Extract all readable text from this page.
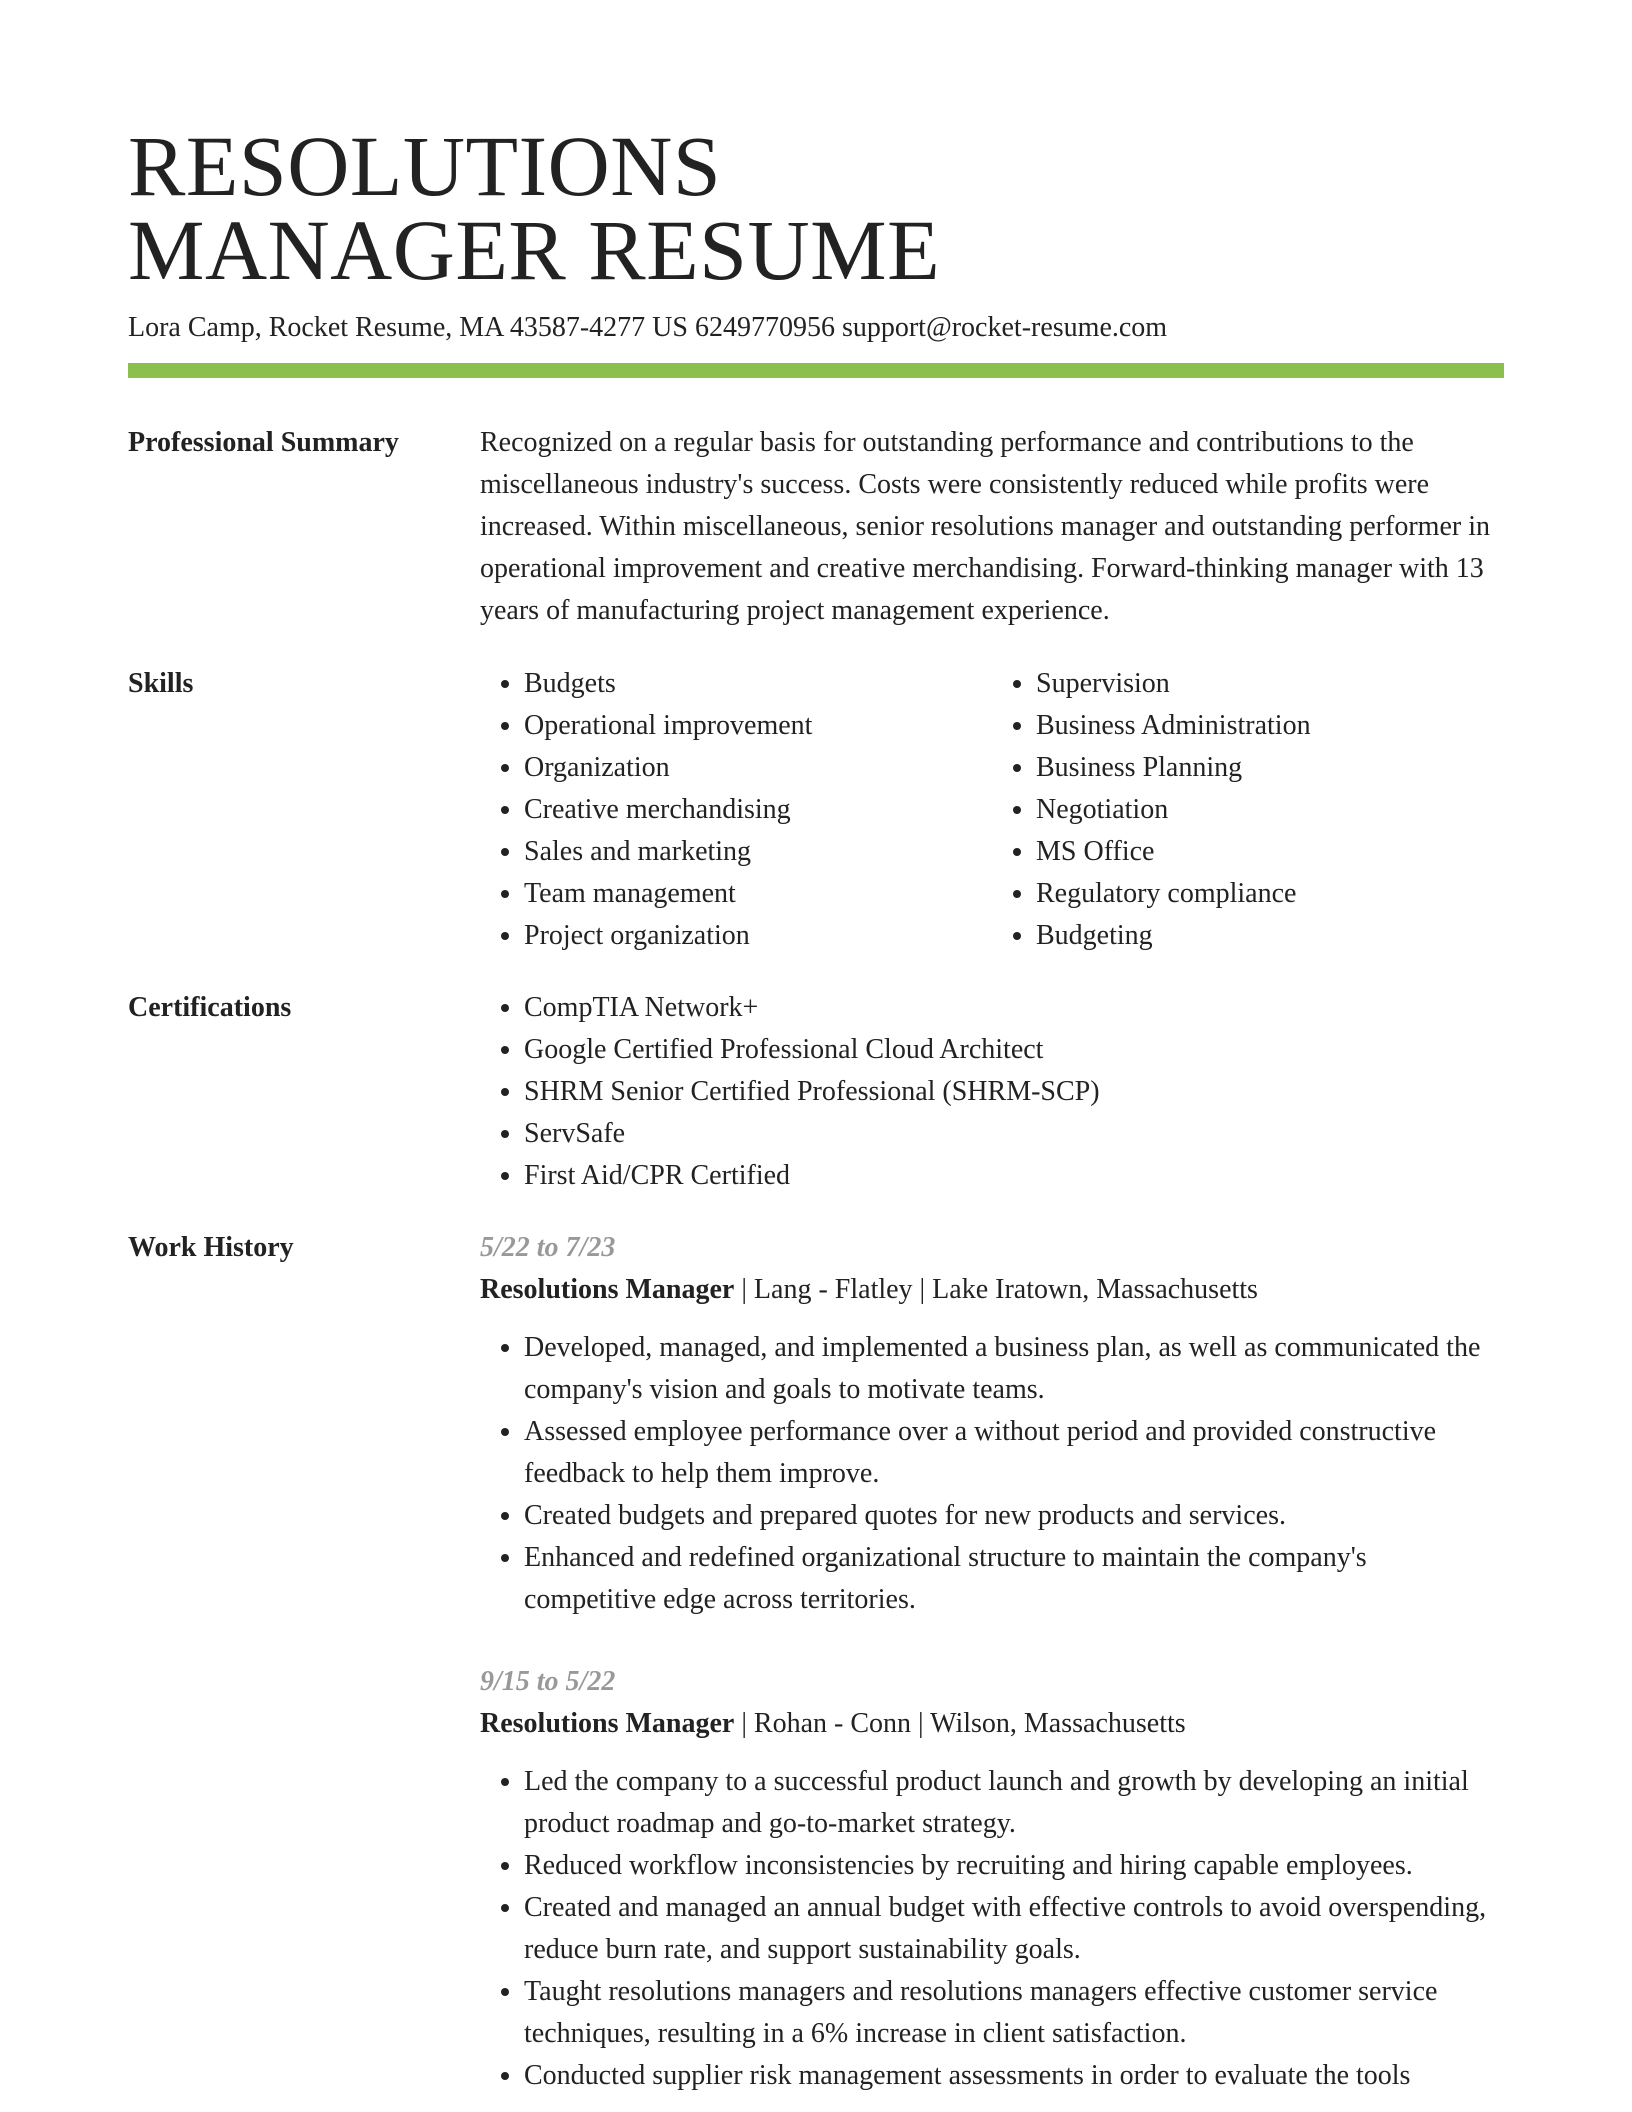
RESOLUTIONS
MANAGER RESUME
Lora Camp, Rocket Resume, MA 43587-4277 US 6249770956 support@rocket-resume.com
Professional Summary	Recognized on a regular basis for outstanding performance and contributions to the miscellaneous industry's success. Costs were consistently reduced while profits were increased. Within miscellaneous, senior resolutions manager and outstanding performer in operational improvement and creative merchandising. Forward-thinking manager with 13 years of manufacturing project management experience.

Skills	• Budgets
• Operational improvement
• Organization
• Creative merchandising
• Sales and marketing
• Team management
• Project organization
• Supervision
• Business Administration
• Business Planning
• Negotiation
• MS Office
• Regulatory compliance
• Budgeting
Certifications	• CompTIA Network+
• Google Certified Professional Cloud Architect
• SHRM Senior Certified Professional (SHRM-SCP)
• ServSafe
• First Aid/CPR Certified
Work History	5/22 to 7/23
Resolutions Manager | Lang - Flatley | Lake Iratown, Massachusetts
• Developed, managed, and implemented a business plan, as well as communicated the company's vision and goals to motivate teams.
• Assessed employee performance over a without period and provided constructive feedback to help them improve.
• Created budgets and prepared quotes for new products and services.
• Enhanced and redefined organizational structure to maintain the company's competitive edge across territories.
9/15 to 5/22
Resolutions Manager | Rohan - Conn | Wilson, Massachusetts
• Led the company to a successful product launch and growth by developing an initial product roadmap and go-to-market strategy.
• Reduced workflow inconsistencies by recruiting and hiring capable employees.
• Created and managed an annual budget with effective controls to avoid overspending, reduce burn rate, and support sustainability goals.
• Taught resolutions managers and resolutions managers effective customer service techniques, resulting in a 6% increase in client satisfaction.
• Conducted supplier risk management assessments in order to evaluate the tools
